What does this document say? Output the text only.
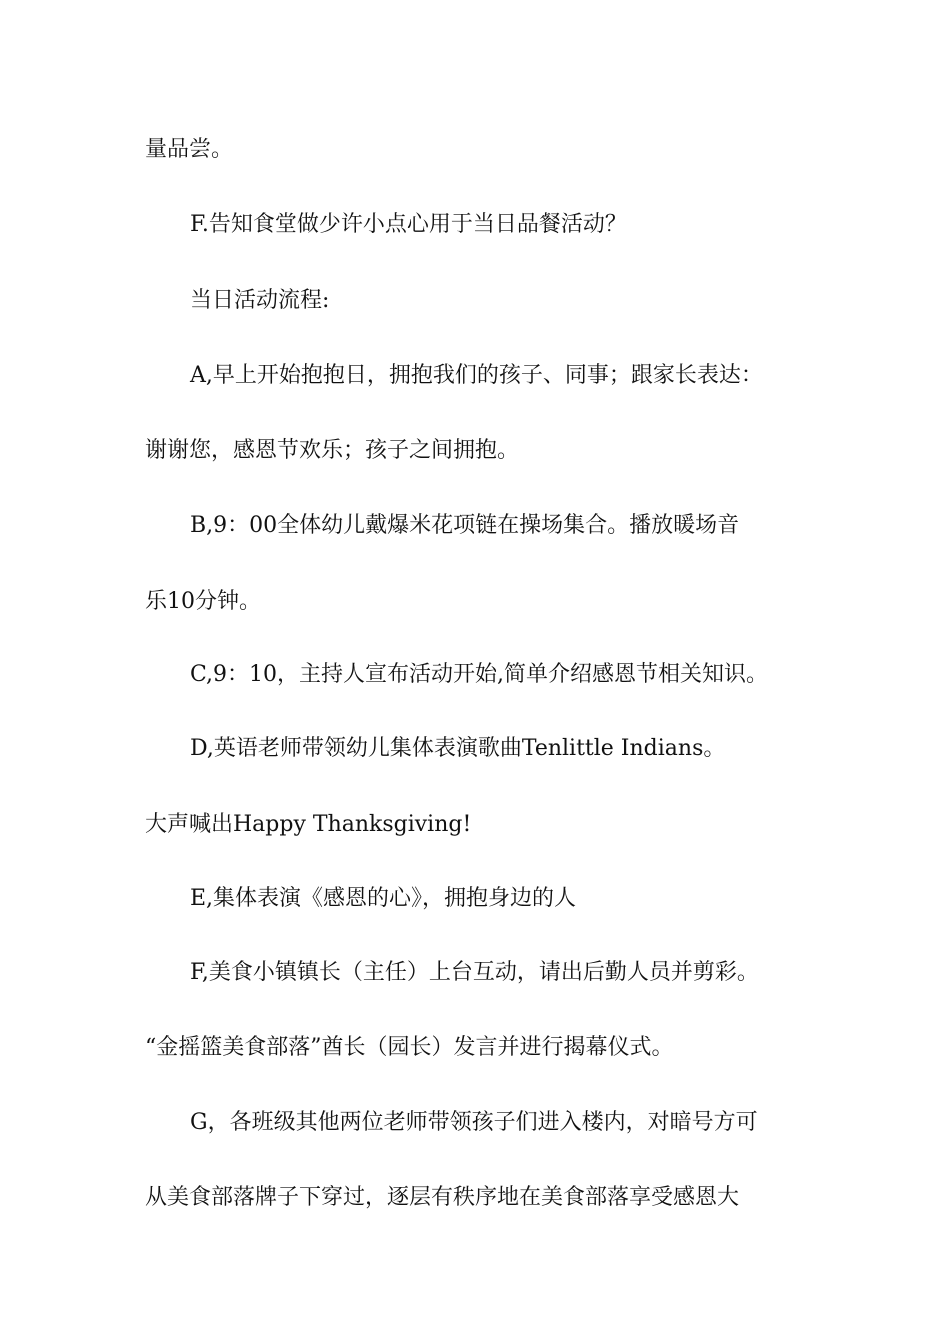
量品尝。

F.告知食堂做少许小点心用于当日品餐活动？

当日活动流程:

A,早上开始抱抱日，拥抱我们的孩子、同事；跟家长表达：

谢谢您，感恩节欢乐；孩子之间拥抱。

B,9：00全体幼儿戴爆米花项链在操场集合。播放暖场音

乐10分钟。

C,9：10，主持人宣布活动开始,简单介绍感恩节相关知识。

D,英语老师带领幼儿集体表演歌曲Tenlittle Indians。

大声喊出Happy Thanksgiving!

E,集体表演《感恩的心》，拥抱身边的人

F,美食小镇镇长（主任）上台互动，请出后勤人员并剪彩。

“金摇篮美食部落”酋长（园长）发言并进行揭幕仪式。

G，各班级其他两位老师带领孩子们进入楼内，对暗号方可

从美食部落牌子下穿过，逐层有秩序地在美食部落享受感恩大
